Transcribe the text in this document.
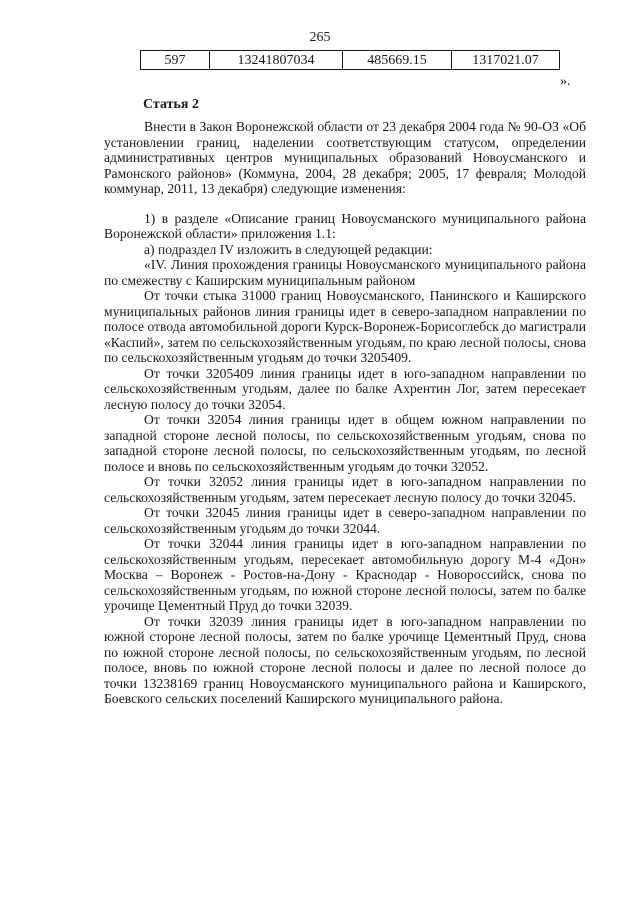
265
597	13241807034	485669.15	1317021.07
».
Статья 2

Внести в Закон Воронежской области от 23 декабря 2004 года № 90-ОЗ «Об установлении границ, наделении соответствующим статусом, определении административных центров муниципальных образований Новоусманского и Рамонского районов» (Коммуна, 2004, 28 декабря; 2005, 17 февраля; Молодой коммунар, 2011, 13 декабря) следующие изменения:

1) в разделе «Описание границ Новоусманского муниципального района Воронежской области» приложения 1.1:

а) подраздел IV изложить в следующей редакции:

«IV. Линия прохождения границы Новоусманского муниципального района по смежеству с Каширским муниципальным районом

От точки стыка 31000 границ Новоусманского, Панинского и Каширского муниципальных районов линия границы идет в северо-западном направлении по полосе отвода автомобильной дороги Курск-Воронеж-Борисоглебск до магистрали «Каспий», затем по сельскохозяйственным угодьям, по краю лесной полосы, снова по сельскохозяйственным угодьям до точки 3205409.

От точки 3205409 линия границы идет в юго-западном направлении по сельскохозяйственным угодьям, далее по балке Ахрентин Лог, затем пересекает лесную полосу до точки 32054.

От точки 32054 линия границы идет в общем южном направлении по западной стороне лесной полосы, по сельскохозяйственным угодьям, снова по западной стороне лесной полосы, по сельскохозяйственным угодьям, по лесной полосе и вновь по сельскохозяйственным угодьям до точки 32052.

От точки 32052 линия границы идет в юго-западном направлении по сельскохозяйственным угодьям, затем пересекает лесную полосу до точки 32045.

От точки 32045 линия границы идет в северо-западном направлении по сельскохозяйственным угодьям до точки 32044.

От точки 32044 линия границы идет в юго-западном направлении по сельскохозяйственным угодьям, пересекает автомобильную дорогу М-4 «Дон» Москва – Воронеж - Ростов-на-Дону - Краснодар - Новороссийск, снова по сельскохозяйственным угодьям, по южной стороне лесной полосы, затем по балке урочище Цементный Пруд до точки 32039.

От точки 32039 линия границы идет в юго-западном направлении по южной стороне лесной полосы, затем по балке урочище Цементный Пруд, снова по южной стороне лесной полосы, по сельскохозяйственным угодьям, по лесной полосе, вновь по южной стороне лесной полосы и далее по лесной полосе до точки 13238169 границ Новоусманского муниципального района и Каширского, Боевского сельских поселений Каширского муниципального района.
